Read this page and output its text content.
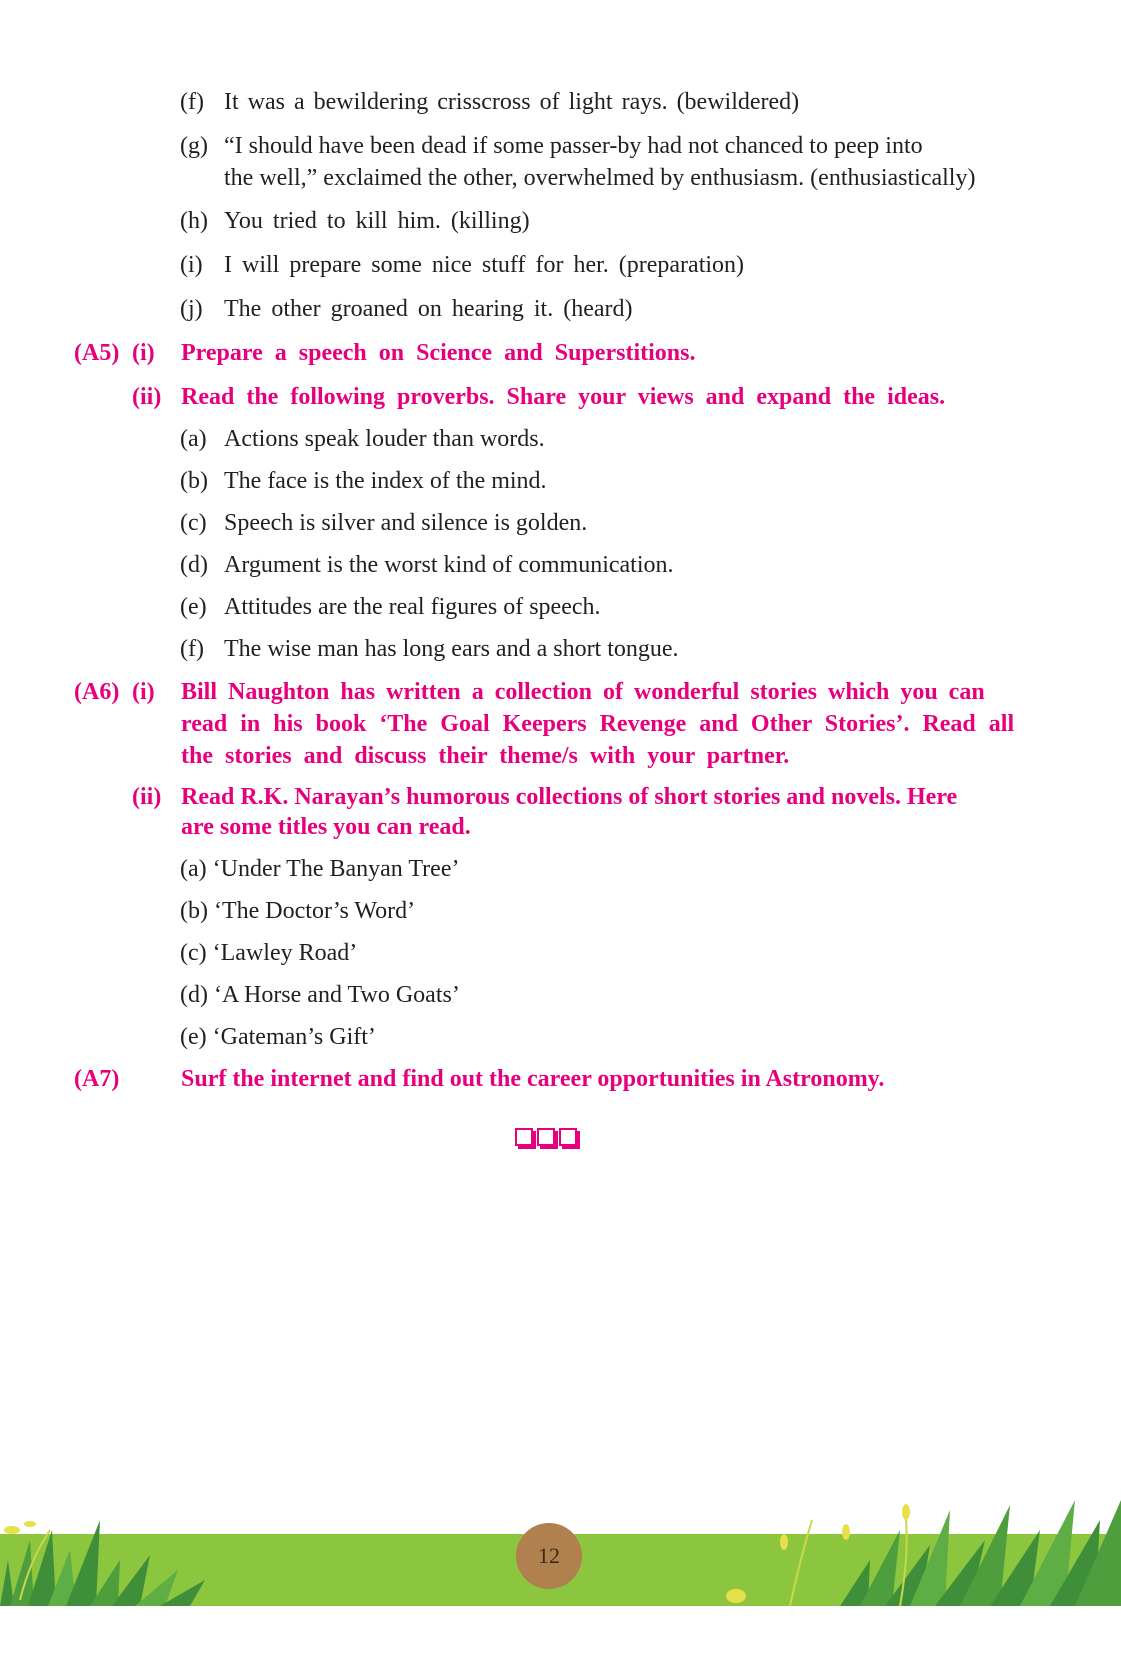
(f) It was a bewildering crisscross of light rays. (bewildered)
(g) “I should have been dead if some passer-by had not chanced to peep into
the well,” exclaimed the other, overwhelmed by enthusiasm. (enthusiastically)
(h) You tried to kill him. (killing)
(i) I will prepare some nice stuff for her. (preparation)
(j) The other groaned on hearing it. (heard)
(A5) (i) Prepare a speech on Science and Superstitions.
(ii) Read the following proverbs. Share your views and expand the ideas.
(a) Actions speak louder than words.
(b) The face is the index of the mind.
(c) Speech is silver and silence is golden.
(d) Argument is the worst kind of communication.
(e) Attitudes are the real figures of speech.
(f) The wise man has long ears and a short tongue.
(A6) (i) Bill Naughton has written a collection of wonderful stories which you can
read in his book ‘The Goal Keepers Revenge and Other Stories’. Read all
the stories and discuss their theme/s with your partner.
(ii) Read R.K. Narayan’s humorous collections of short stories and novels. Here
are some titles you can read.
(a) ‘Under The Banyan Tree’
(b) ‘The Doctor’s Word’
(c) ‘Lawley Road’
(d) ‘A Horse and Two Goats’
(e) ‘Gateman’s Gift’
(A7)	Surf the internet and find out the career opportunities in Astronomy.
12
